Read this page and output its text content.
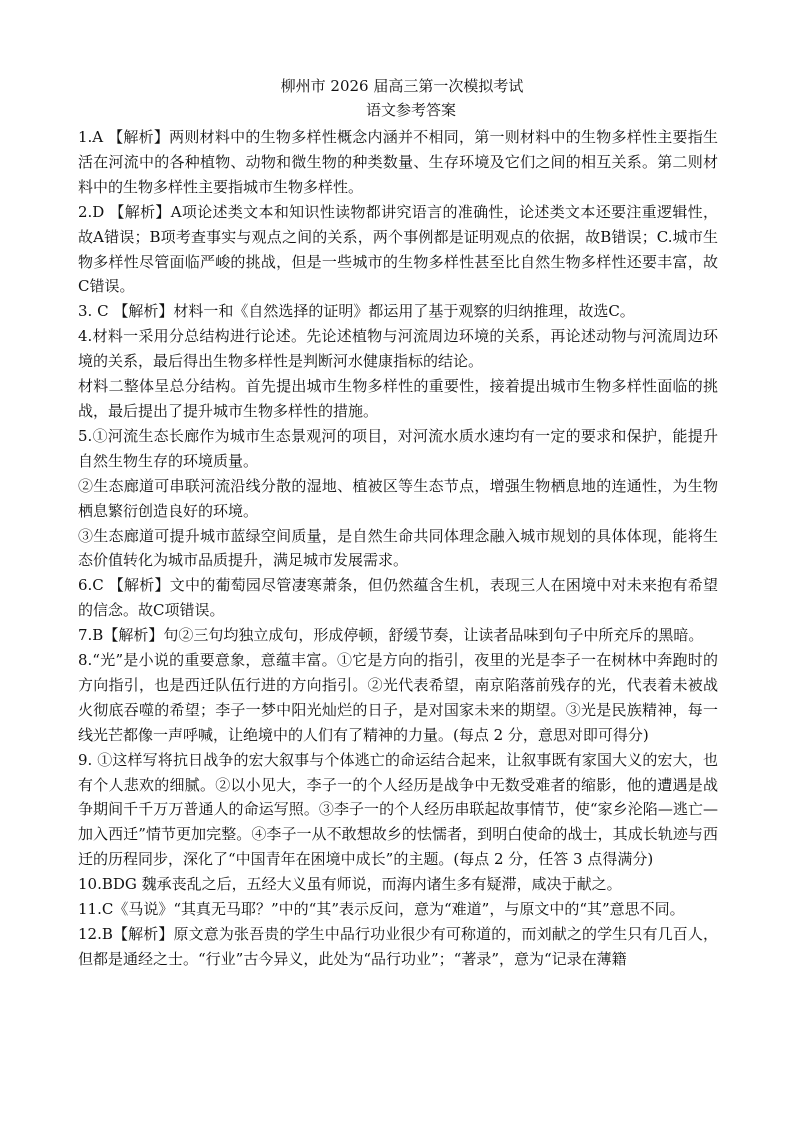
柳州市 2026 届高三第一次模拟考试
语文参考答案

1.A 【解析】两则材料中的生物多样性概念内涵并不相同，第一则材料中的生物多样性主要指生活在河流中的各种植物、动物和微生物的种类数量、生存环境及它们之间的相互关系。第二则材料中的生物多样性主要指城市生物多样性。

2.D 【解析】A项论述类文本和知识性读物都讲究语言的准确性，论述类文本还要注重逻辑性，故A错误；B项考查事实与观点之间的关系，两个事例都是证明观点的依据，故B错误；C.城市生物多样性尽管面临严峻的挑战，但是一些城市的生物多样性甚至比自然生物多样性还要丰富，故C错误。

3. C 【解析】材料一和《自然选择的证明》都运用了基于观察的归纳推理，故选C。

4.材料一采用分总结构进行论述。先论述植物与河流周边环境的关系，再论述动物与河流周边环境的关系，最后得出生物多样性是判断河水健康指标的结论。

材料二整体呈总分结构。首先提出城市生物多样性的重要性，接着提出城市生物多样性面临的挑战，最后提出了提升城市生物多样性的措施。

5.①河流生态长廊作为城市生态景观河的项目，对河流水质水速均有一定的要求和保护，能提升自然生物生存的环境质量。

②生态廊道可串联河流沿线分散的湿地、植被区等生态节点，增强生物栖息地的连通性，为生物栖息繁衍创造良好的环境。

③生态廊道可提升城市蓝绿空间质量，是自然生命共同体理念融入城市规划的具体体现，能将生态价值转化为城市品质提升，满足城市发展需求。

6.C 【解析】文中的葡萄园尽管凄寒萧条，但仍然蕴含生机，表现三人在困境中对未来抱有希望的信念。故C项错误。

7.B【解析】句②三句均独立成句，形成停顿，舒缓节奏，让读者品味到句子中所充斥的黑暗。

8.“光”是小说的重要意象，意蕴丰富。①它是方向的指引，夜里的光是李子一在树林中奔跑时的方向指引，也是西迁队伍行进的方向指引。②光代表希望，南京陷落前残存的光，代表着未被战火彻底吞噬的希望；李子一梦中阳光灿烂的日子，是对国家未来的期望。③光是民族精神，每一线光芒都像一声呼喊，让绝境中的人们有了精神的力量。(每点 2 分，意思对即可得分)

9. ①这样写将抗日战争的宏大叙事与个体逃亡的命运结合起来，让叙事既有家国大义的宏大，也有个人悲欢的细腻。②以小见大，李子一的个人经历是战争中无数受难者的缩影，他的遭遇是战争期间千千万万普通人的命运写照。③李子一的个人经历串联起故事情节，使“家乡沦陷—逃亡—加入西迁”情节更加完整。④李子一从不敢想故乡的怯懦者，到明白使命的战士，其成长轨迹与西迁的历程同步，深化了“中国青年在困境中成长”的主题。(每点 2 分，任答 3 点得满分)

10.BDG 魏承丧乱之后，五经大义虽有师说，而海内诸生多有疑滞，咸决于献之。

11.C《马说》“其真无马耶？”中的“其”表示反问，意为“难道”，与原文中的“其”意思不同。

12.B【解析】原文意为张吾贵的学生中品行功业很少有可称道的，而刘献之的学生只有几百人，但都是通经之士。“行业”古今异义，此处为“品行功业”；“著录”，意为“记录在薄籍
